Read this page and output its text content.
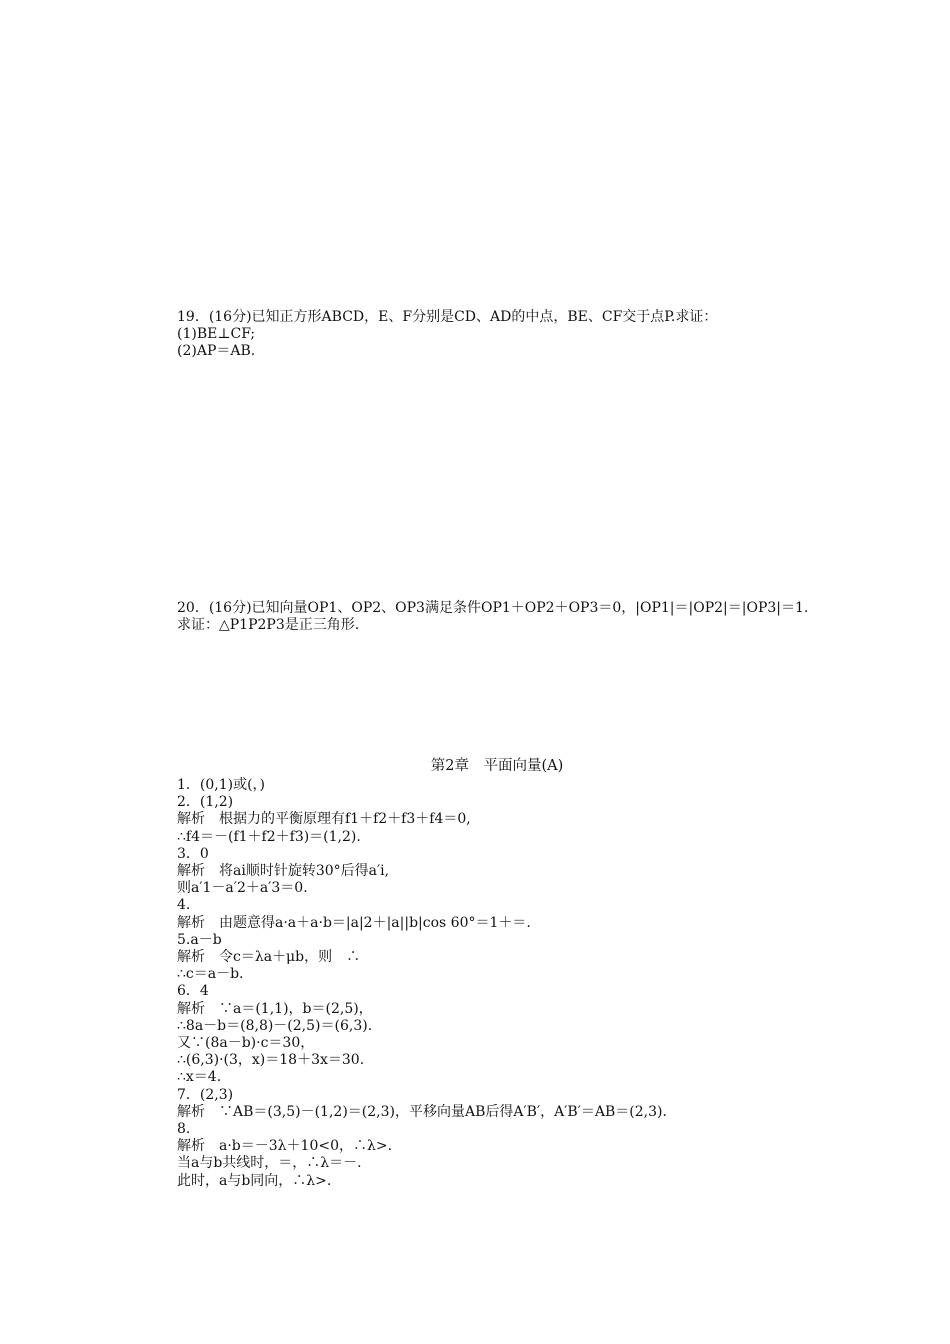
19．(16分)已知正方形ABCD，E、F分别是CD、AD的中点，BE、CF交于点P.求证：
(1)BE⊥CF;
(2)AP＝AB.
20．(16分)已知向量OP1、OP2、OP3满足条件OP1＋OP2＋OP3＝0，|OP1|＝|OP2|＝|OP3|＝1.
求证：△P1P2P3是正三角形.
第2章　平面向量(A)
1．(0,1)或(，)
2．(1,2)
解析　根据力的平衡原理有f1＋f2＋f3＋f4＝0,
∴f4＝－(f1＋f2＋f3)＝(1,2).
3．0
解析　将ai顺时针旋转30°后得a′i,
则a′1－a′2＋a′3＝0.
4.
解析　由题意得a·a＋a·b＝|a|2＋|a||b|cos 60°＝1＋＝.
5.a－b
解析　令c＝λa＋μb，则　∴
∴c＝a－b.
6．4
解析　∵a＝(1,1)，b＝(2,5)，
∴8a－b＝(8,8)－(2,5)＝(6,3).
又∵(8a－b)·c＝30，
∴(6,3)·(3，x)＝18＋3x＝30.
∴x＝4.
7．(2,3)
解析　∵AB＝(3,5)－(1,2)＝(2,3)，平移向量AB后得A′B′，A′B′＝AB＝(2,3).
8.
解析　a·b＝－3λ＋10<0，∴λ>.
当a与b共线时，＝，∴λ＝－.
此时，a与b同向，∴λ>.
